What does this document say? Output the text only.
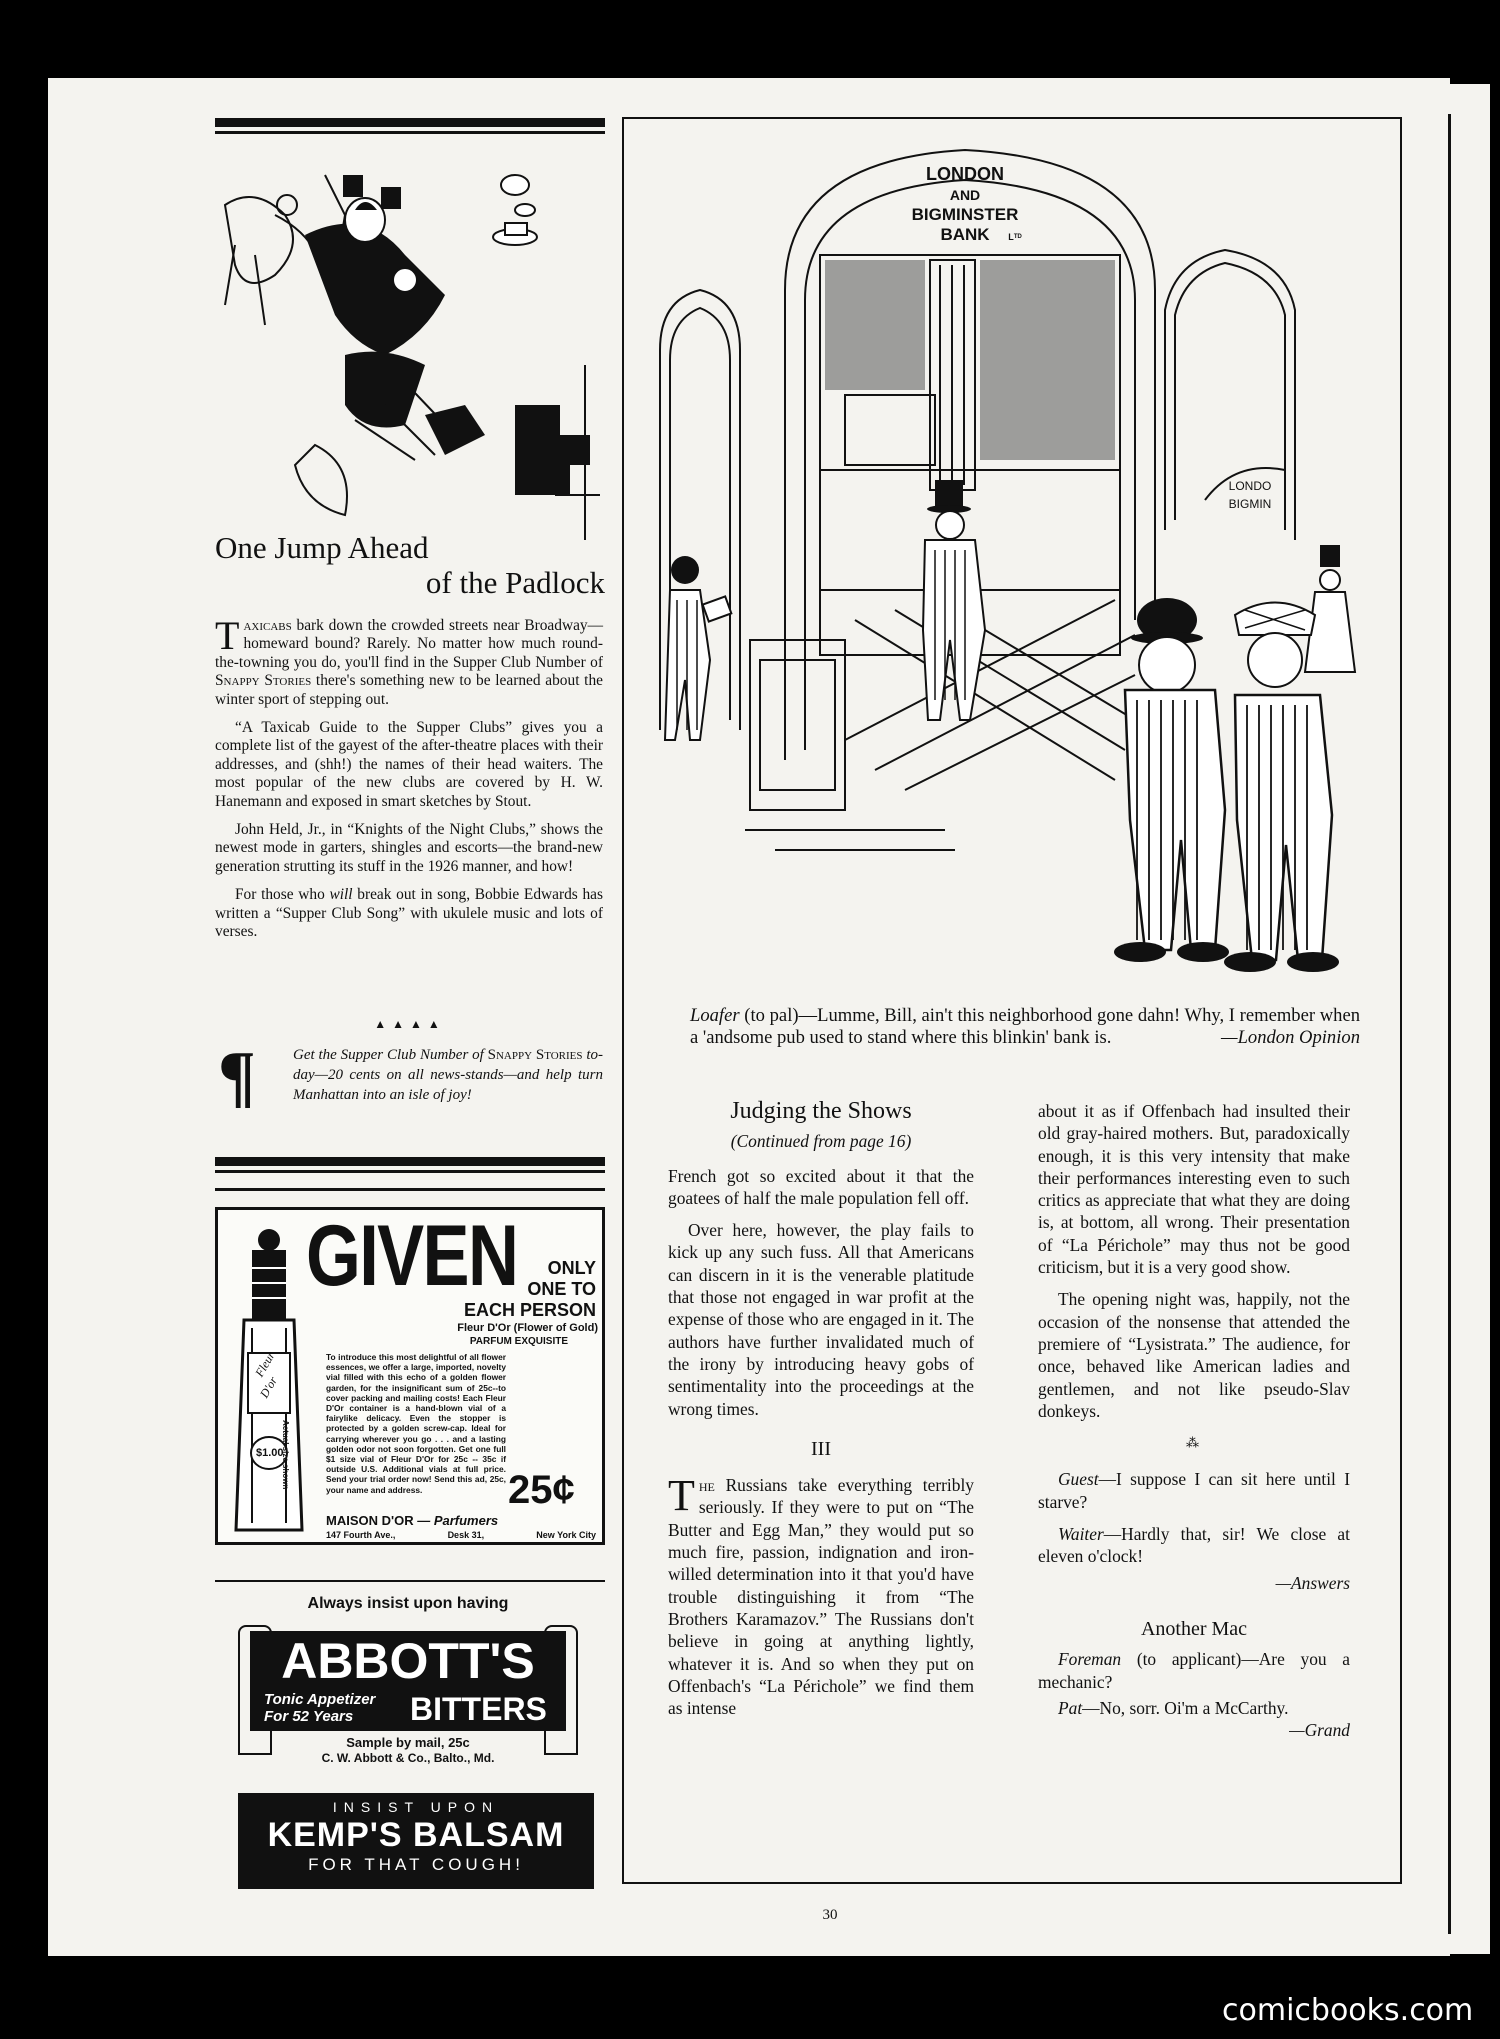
One Jump Ahead
of the Padlock

Taxicabs bark down the crowded streets near Broadway—homeward bound? Rarely. No matter how much round-the-towning you do, you'll find in the Supper Club Number of Snappy Stories there's something new to be learned about the winter sport of stepping out.

“A Taxicab Guide to the Supper Clubs” gives you a complete list of the gayest of the after-theatre places with their addresses, and (shh!) the names of their head waiters. The most popular of the new clubs are covered by H. W. Hanemann and exposed in smart sketches by Stout.

John Held, Jr., in “Knights of the Night Clubs,” shows the newest mode in garters, shingles and escorts—the brand-new generation strutting its stuff in the 1926 manner, and how!

For those who will break out in song, Bobbie Edwards has written a “Supper Club Song” with ukulele music and lots of verses.

▲▲▲▲
¶ Get the Supper Club Number of Snappy Stories to-day—20 cents on all news-stands—and help turn Manhattan into an isle of joy!
GIVEN	ONLY
ONE TO
EACH PERSON
Fleur D'Or (Flower of Gold)
PARFUM EXQUISITE
Fleur
D'or
$1.00
Actual size shown
To introduce this most delightful of all flower essences, we offer a large, imported, novelty vial filled with this echo of a golden flower garden, for the insignificant sum of 25c--to cover packing and mailing costs! Each Fleur D'Or container is a hand-blown vial of a fairylike delicacy. Even the stopper is protected by a golden screw-cap. Ideal for carrying wherever you go . . . and a lasting golden odor not soon forgotten. Get one full $1 size vial of Fleur D'Or for 25c -- 35c if outside U.S. Additional vials at full price. Send your trial order now! Send this ad, 25c, your name and address.	25¢
MAISON D'OR — Parfumers
147 Fourth Ave.,	Desk 31,	New York City
Always insist upon having
ABBOTT'S
Tonic Appetizer
For 52 Years	BITTERS
Sample by mail, 25c
C. W. Abbott & Co., Balto., Md.
INSIST UPON
KEMP'S BALSAM
FOR THAT COUGH!
LONDON
AND
BIGMINSTER
BANK Lᵀᴰ
LONDO
BIGMIN
Loafer (to pal)—Lumme, Bill, ain't this neighborhood gone dahn! Why, I remember when a 'andsome pub used to stand where this blinkin' bank is.	—London Opinion
Judging the Shows
(Continued from page 16)

French got so excited about it that the goatees of half the male population fell off.

Over here, however, the play fails to kick up any such fuss. All that Americans can discern in it is the venerable platitude that those not engaged in war profit at the expense of those who are engaged in it. The authors have further invalidated much of the irony by introducing heavy gobs of sentimentality into the proceedings at the wrong times.

III

The Russians take everything terribly seriously. If they were to put on “The Butter and Egg Man,” they would put so much fire, passion, indignation and iron-willed determination into it that you'd have trouble distinguishing it from “The Brothers Karamazov.” The Russians don't believe in going at anything lightly, whatever it is. And so when they put on Offenbach's “La Périchole” we find them as intense

about it as if Offenbach had insulted their old gray-haired mothers. But, paradoxically enough, it is this very intensity that make their performances interesting even to such critics as appreciate that what they are doing is, at bottom, all wrong. Their presentation of “La Périchole” may thus not be good criticism, but it is a very good show.

The opening night was, happily, not the occasion of the nonsense that attended the premiere of “Lysistrata.” The audience, for once, behaved like American ladies and gentlemen, and not like pseudo-Slav donkeys.

⁂

Guest—I suppose I can sit here until I starve?

Waiter—Hardly that, sir! We close at eleven o'clock!

—Answers
Another Mac

Foreman (to applicant)—Are you a mechanic?

Pat—No, sorr. Oi'm a McCarthy.

—Grand
30
comicbooks.com
